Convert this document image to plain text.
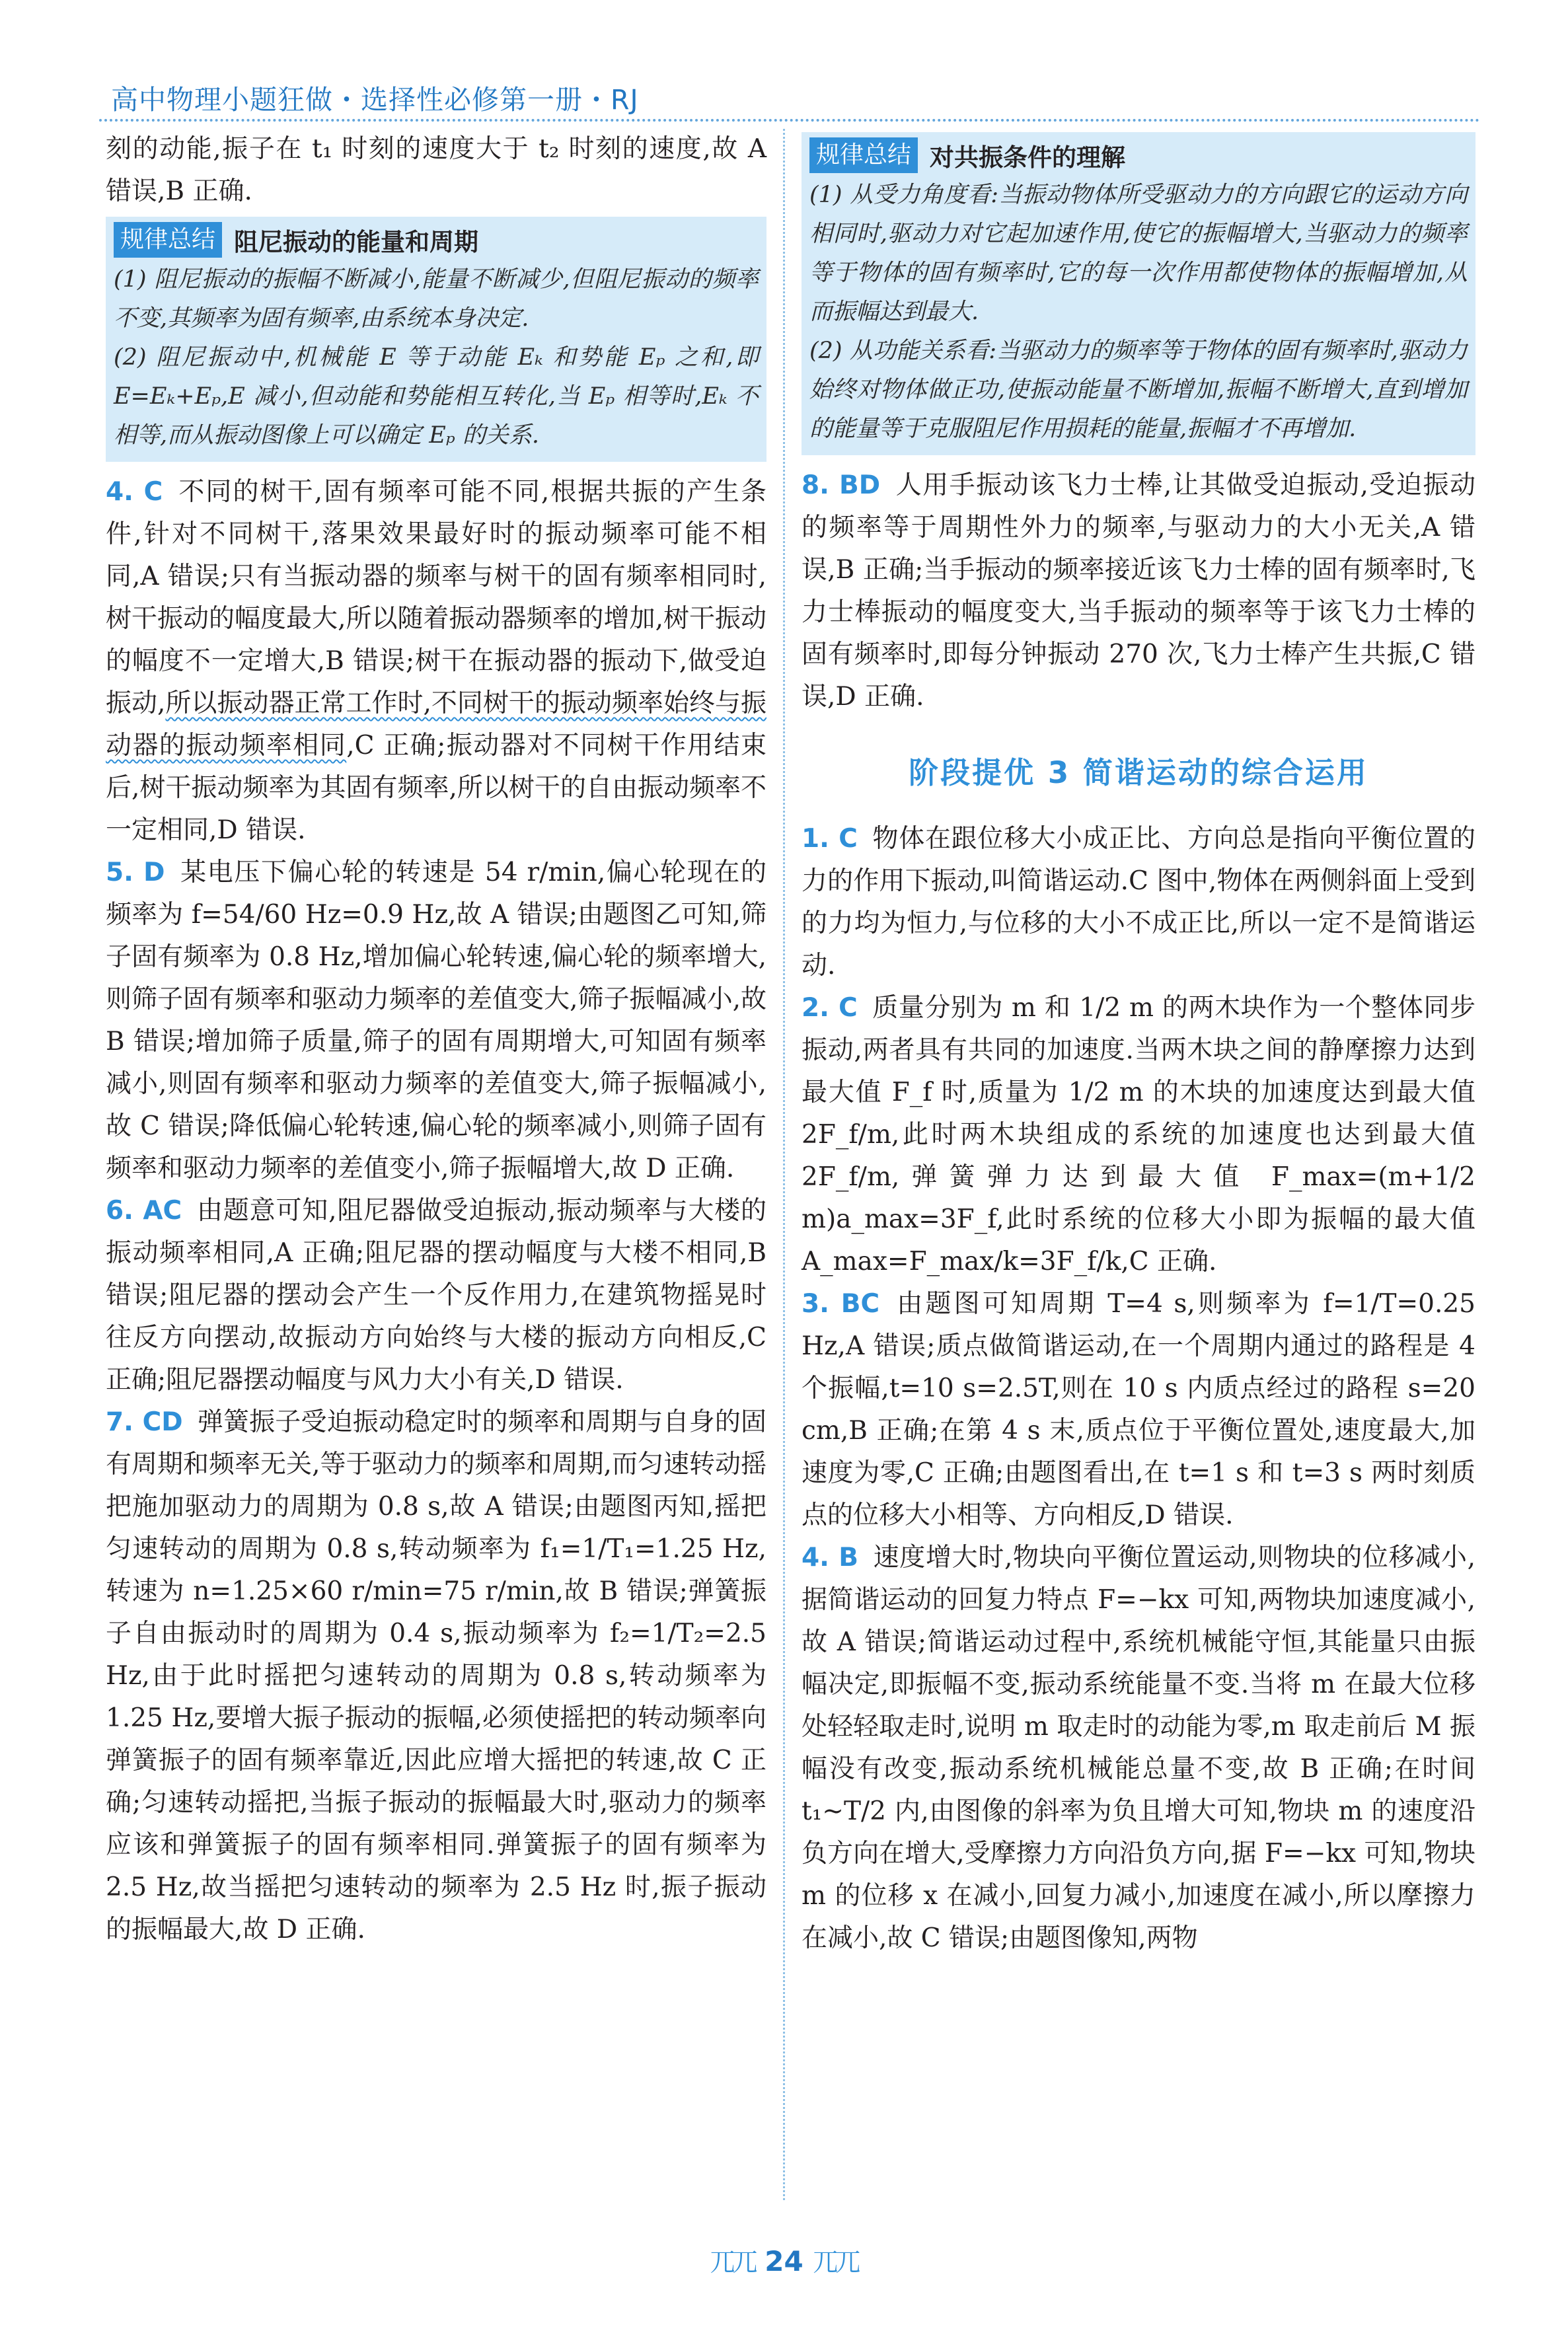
高中物理小题狂做・选择性必修第一册・RJ

刻的动能,振子在 t₁ 时刻的速度大于 t₂ 时刻的速度,故 A 错误,B 正确.

规律总结 阻尼振动的能量和周期

(1) 阻尼振动的振幅不断减小,能量不断减少,但阻尼振动的频率不变,其频率为固有频率,由系统本身决定.

(2) 阻尼振动中,机械能 E 等于动能 Eₖ 和势能 Eₚ 之和,即 E=Eₖ+Eₚ,E 减小,但动能和势能相互转化,当 Eₚ 相等时,Eₖ 不相等,而从振动图像上可以确定 Eₚ 的关系.

4. C 不同的树干,固有频率可能不同,根据共振的产生条件,针对不同树干,落果效果最好时的振动频率可能不相同,A 错误;只有当振动器的频率与树干的固有频率相同时,树干振动的幅度最大,所以随着振动器频率的增加,树干振动的幅度不一定增大,B 错误;树干在振动器的振动下,做受迫振动,所以振动器正常工作时,不同树干的振动频率始终与振动器的振动频率相同,C 正确;振动器对不同树干作用结束后,树干振动频率为其固有频率,所以树干的自由振动频率不一定相同,D 错误.

5. D 某电压下偏心轮的转速是 54 r/min,偏心轮现在的频率为 f=54/60 Hz=0.9 Hz,故 A 错误;由题图乙可知,筛子固有频率为 0.8 Hz,增加偏心轮转速,偏心轮的频率增大,则筛子固有频率和驱动力频率的差值变大,筛子振幅减小,故 B 错误;增加筛子质量,筛子的固有周期增大,可知固有频率减小,则固有频率和驱动力频率的差值变大,筛子振幅减小,故 C 错误;降低偏心轮转速,偏心轮的频率减小,则筛子固有频率和驱动力频率的差值变小,筛子振幅增大,故 D 正确.

6. AC 由题意可知,阻尼器做受迫振动,振动频率与大楼的振动频率相同,A 正确;阻尼器的摆动幅度与大楼不相同,B 错误;阻尼器的摆动会产生一个反作用力,在建筑物摇晃时往反方向摆动,故振动方向始终与大楼的振动方向相反,C 正确;阻尼器摆动幅度与风力大小有关,D 错误.

7. CD 弹簧振子受迫振动稳定时的频率和周期与自身的固有周期和频率无关,等于驱动力的频率和周期,而匀速转动摇把施加驱动力的周期为 0.8 s,故 A 错误;由题图丙知,摇把匀速转动的周期为 0.8 s,转动频率为 f₁=1/T₁=1.25 Hz,转速为 n=1.25×60 r/min=75 r/min,故 B 错误;弹簧振子自由振动时的周期为 0.4 s,振动频率为 f₂=1/T₂=2.5 Hz,由于此时摇把匀速转动的周期为 0.8 s,转动频率为 1.25 Hz,要增大振子振动的振幅,必须使摇把的转动频率向弹簧振子的固有频率靠近,因此应增大摇把的转速,故 C 正确;匀速转动摇把,当振子振动的振幅最大时,驱动力的频率应该和弹簧振子的固有频率相同.弹簧振子的固有频率为 2.5 Hz,故当摇把匀速转动的频率为 2.5 Hz 时,振子振动的振幅最大,故 D 正确.

规律总结 对共振条件的理解

(1) 从受力角度看:当振动物体所受驱动力的方向跟它的运动方向相同时,驱动力对它起加速作用,使它的振幅增大,当驱动力的频率等于物体的固有频率时,它的每一次作用都使物体的振幅增加,从而振幅达到最大.

(2) 从功能关系看:当驱动力的频率等于物体的固有频率时,驱动力始终对物体做正功,使振动能量不断增加,振幅不断增大,直到增加的能量等于克服阻尼作用损耗的能量,振幅才不再增加.

8. BD 人用手振动该飞力士棒,让其做受迫振动,受迫振动的频率等于周期性外力的频率,与驱动力的大小无关,A 错误,B 正确;当手振动的频率接近该飞力士棒的固有频率时,飞力士棒振动的幅度变大,当手振动的频率等于该飞力士棒的固有频率时,即每分钟振动 270 次,飞力士棒产生共振,C 错误,D 正确.

阶段提优 3 简谐运动的综合运用

1. C 物体在跟位移大小成正比、方向总是指向平衡位置的力的作用下振动,叫简谐运动.C 图中,物体在两侧斜面上受到的力均为恒力,与位移的大小不成正比,所以一定不是简谐运动.

2. C 质量分别为 m 和 1/2 m 的两木块作为一个整体同步振动,两者具有共同的加速度.当两木块之间的静摩擦力达到最大值 F_f 时,质量为 1/2 m 的木块的加速度达到最大值 2F_f/m,此时两木块组成的系统的加速度也达到最大值 2F_f/m,弹簧弹力达到最大值 F_max=(m+1/2 m)a_max=3F_f,此时系统的位移大小即为振幅的最大值 A_max=F_max/k=3F_f/k,C 正确.

3. BC 由题图可知周期 T=4 s,则频率为 f=1/T=0.25 Hz,A 错误;质点做简谐运动,在一个周期内通过的路程是 4 个振幅,t=10 s=2.5T,则在 10 s 内质点经过的路程 s=20 cm,B 正确;在第 4 s 末,质点位于平衡位置处,速度最大,加速度为零,C 正确;由题图看出,在 t=1 s 和 t=3 s 两时刻质点的位移大小相等、方向相反,D 错误.

4. B 速度增大时,物块向平衡位置运动,则物块的位移减小,据简谐运动的回复力特点 F=−kx 可知,两物块加速度减小,故 A 错误;简谐运动过程中,系统机械能守恒,其能量只由振幅决定,即振幅不变,振动系统能量不变.当将 m 在最大位移处轻轻取走时,说明 m 取走时的动能为零,m 取走前后 M 振幅没有改变,振动系统机械能总量不变,故 B 正确;在时间 t₁~T/2 内,由图像的斜率为负且增大可知,物块 m 的速度沿负方向在增大,受摩擦力方向沿负方向,据 F=−kx 可知,物块 m 的位移 x 在减小,回复力减小,加速度在减小,所以摩擦力在减小,故 C 错误;由题图像知,两物

兀兀 24 兀兀
